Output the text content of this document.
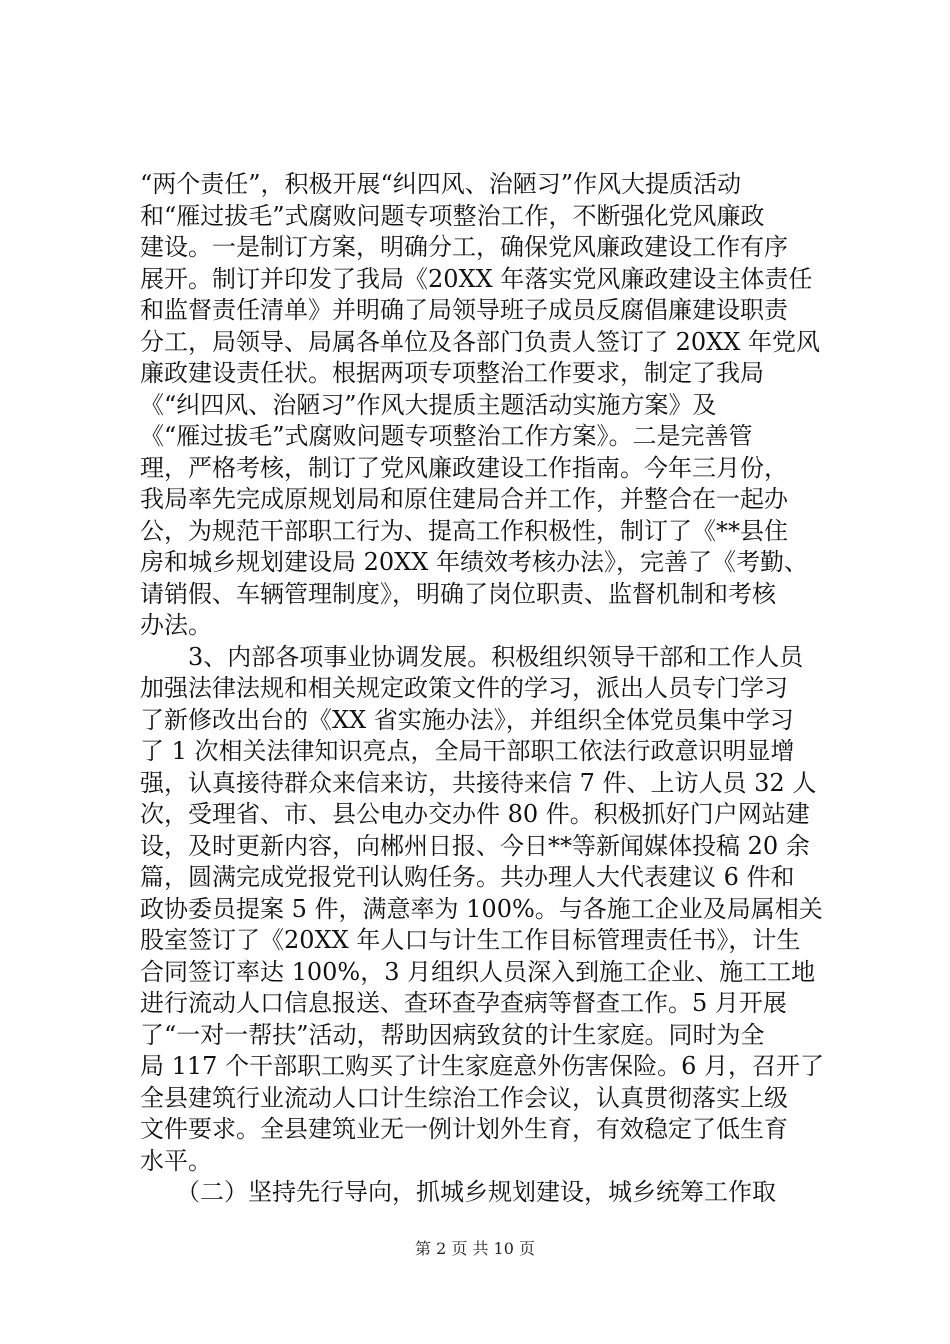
“两个责任”，积极开展“纠四风、治陋习”作风大提质活动
和“雁过拔毛”式腐败问题专项整治工作，不断强化党风廉政
建设。一是制订方案，明确分工，确保党风廉政建设工作有序
展开。制订并印发了我局《20XX 年落实党风廉政建设主体责任
和监督责任清单》并明确了局领导班子成员反腐倡廉建设职责
分工，局领导、局属各单位及各部门负责人签订了 20XX 年党风
廉政建设责任状。根据两项专项整治工作要求，制定了我局
《“纠四风、治陋习”作风大提质主题活动实施方案》及
《“雁过拔毛”式腐败问题专项整治工作方案》。二是完善管
理，严格考核，制订了党风廉政建设工作指南。今年三月份，
我局率先完成原规划局和原住建局合并工作，并整合在一起办
公，为规范干部职工行为、提高工作积极性，制订了《**县住
房和城乡规划建设局 20XX 年绩效考核办法》，完善了《考勤、
请销假、车辆管理制度》，明确了岗位职责、监督机制和考核
办法。
　　3、内部各项事业协调发展。积极组织领导干部和工作人员
加强法律法规和相关规定政策文件的学习，派出人员专门学习
了新修改出台的《XX 省实施办法》，并组织全体党员集中学习
了 1 次相关法律知识亮点，全局干部职工依法行政意识明显增
强，认真接待群众来信来访，共接待来信 7 件、上访人员 32 人
次，受理省、市、县公电办交办件 80 件。积极抓好门户网站建
设，及时更新内容，向郴州日报、今日**等新闻媒体投稿 20 余
篇，圆满完成党报党刊认购任务。共办理人大代表建议 6 件和
政协委员提案 5 件，满意率为 100%。与各施工企业及局属相关
股室签订了《20XX 年人口与计生工作目标管理责任书》，计生
合同签订率达 100%，3 月组织人员深入到施工企业、施工工地
进行流动人口信息报送、查环查孕查病等督查工作。5 月开展
了“一对一帮扶”活动，帮助因病致贫的计生家庭。同时为全
局 117 个干部职工购买了计生家庭意外伤害保险。6 月，召开了
全县建筑行业流动人口计生综治工作会议，认真贯彻落实上级
文件要求。全县建筑业无一例计划外生育，有效稳定了低生育
水平。
　　（二）坚持先行导向，抓城乡规划建设，城乡统筹工作取
第 2 页 共 10 页
